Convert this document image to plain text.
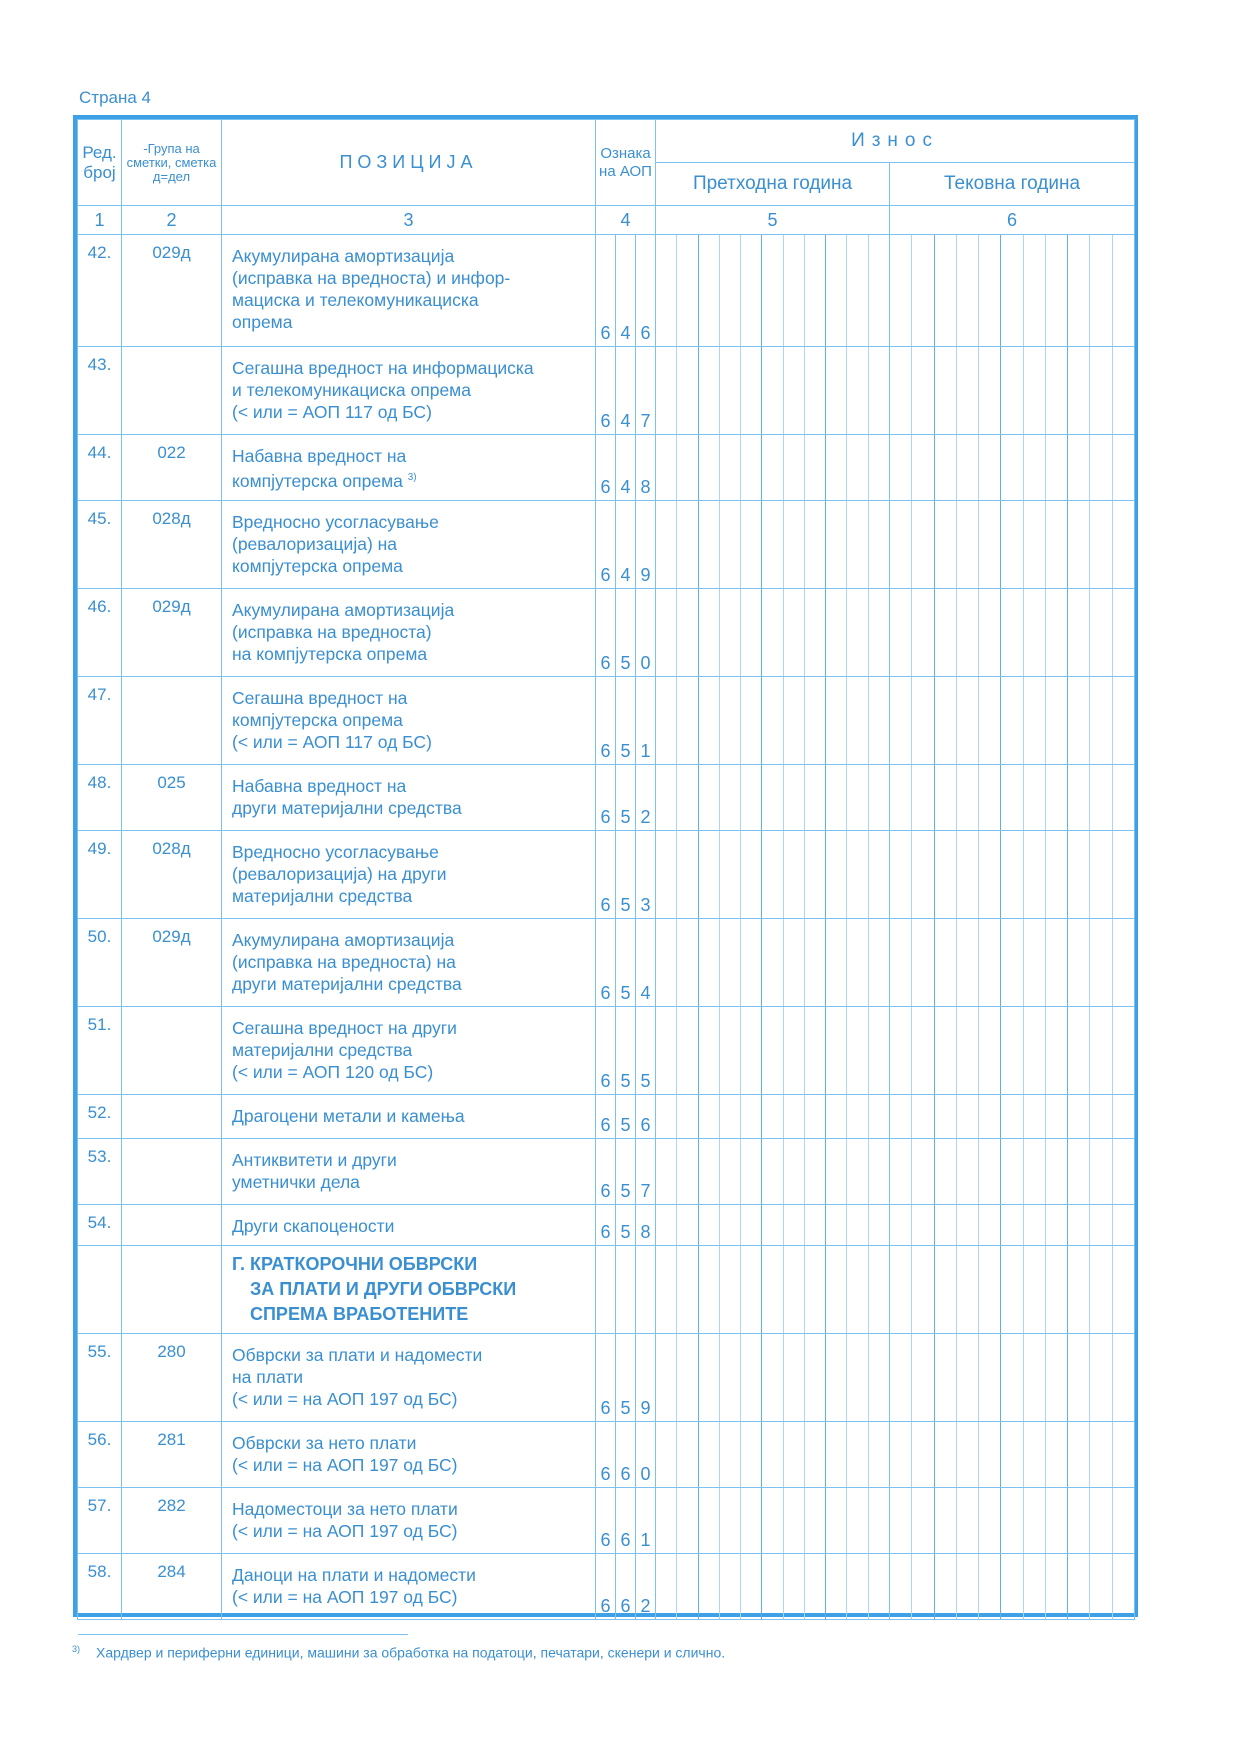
Страна 4
Ред. број	-Група на сметки, сметка д=дел	ПОЗИЦИЈА	Ознака на АОП			Износ	
						Претходна година	Тековна година
1	2	3	4			5	6
42.	029д	Акумулирана амортизација
(исправка на вредноста) и инфор-
мациска и телекомуникациска
опрема	6	4	6	

43.		Сегашна вредност на информациска
и телекомуникациска опрема
(< или = АОП 117 од БС)	6	4	7	

44.	022	Набавна вредност на
компјутерска опрема $^{3)}$	6	4	8	

45.	028д	Вредносно усогласување
(ревалоризација) на
компјутерска опрема	6	4	9	

46.	029д	Акумулирана амортизација
(исправка на вредноста)
на компјутерска опрема	6	5	0	

47.		Сегашна вредност на
компјутерска опрема
(< или = АОП 117 од БС)	6	5	1	

48.	025	Набавна вредност на
други материјални средства	6	5	2	

49.	028д	Вредносно усогласување
(ревалоризација) на други
материјални средства	6	5	3	

50.	029д	Акумулирана амортизација
(исправка на вредноста) на
други материјални средства	6	5	4	

51.		Сегашна вредност на други
материјални средства
(< или = АОП 120 од БС)	6	5	5	

52.		Драгоцени метали и камења	6	5	6	

53.		Антиквитети и други
уметнички дела	6	5	7	

54.		Други скапоцености	6	5	8	

		Г. КРАТКОРОЧНИ ОБВРСКИ
ЗА ПЛАТИ И ДРУГИ ОБВРСКИ
СПРЕМА ВРАБОТЕНИТЕ					

55.	280	Обврски за плати и надомести
на плати
(< или = на АОП 197 од БС)	6	5	9	

56.	281	Обврски за нето плати
(< или = на АОП 197 од БС)	6	6	0	

57.	282	Надоместоци за нето плати
(< или = на АОП 197 од БС)	6	6	1	

58.	284	Даноци на плати и надомести
(< или = на АОП 197 од БС)	6	6	2	

$^{3)}$ Хардвер и периферни единици, машини за обработка на податоци, печатари, скенери и слично.
